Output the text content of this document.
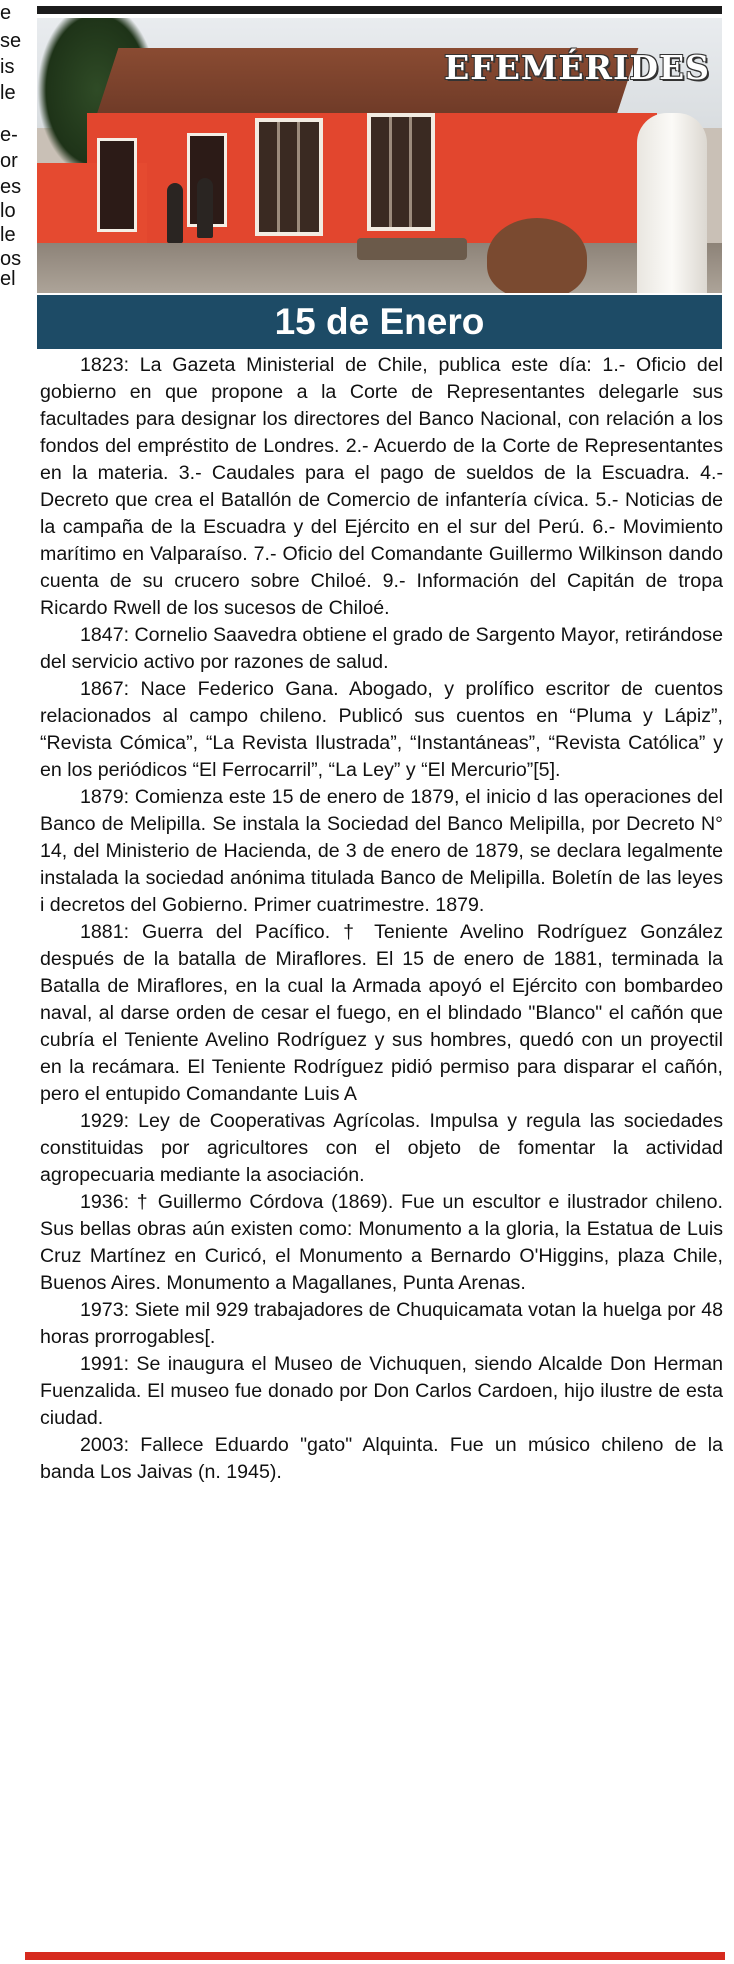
e
se
is
le
e-
or
es
lo
le
os
el
EFEMÉRIDES
15 de Enero

1823: La Gazeta Ministerial de Chile, publica este día: 1.- Oficio del gobierno en que propone a la Corte de Representantes delegarle sus facultades para designar los directores del Banco Nacional, con relación a los fondos del empréstito de Londres. 2.- Acuerdo de la Corte de Representantes en la materia. 3.- Caudales para el pago de sueldos de la Escuadra. 4.- Decreto que crea el Batallón de Comercio de infantería cívica. 5.- Noticias de la campaña de la Escuadra y del Ejército en el sur del Perú. 6.- Movimiento marítimo en Valparaíso. 7.- Oficio del Comandante Guillermo Wilkinson dando cuenta de su crucero sobre Chiloé. 9.- Información del Capitán de tropa Ricardo Rwell de los sucesos de Chiloé.

1847: Cornelio Saavedra obtiene el grado de Sargento Mayor, retirándose del servicio activo por razones de salud.

1867: Nace Federico Gana. Abogado, y prolífico escritor de cuentos relacionados al campo chileno. Publicó sus cuentos en “Pluma y Lápiz”, “Revista Cómica”, “La Revista Ilustrada”, “Instantáneas”, “Revista Católica” y en los periódicos “El Ferrocarril”, “La Ley” y “El Mercurio”[5].

1879: Comienza este 15 de enero de 1879, el inicio d las operaciones del Banco de Melipilla. Se instala la Sociedad del Banco Melipilla, por Decreto N° 14, del Ministerio de Hacienda, de 3 de enero de 1879, se declara legalmente instalada la sociedad anónima titulada Banco de Melipilla. Boletín de las leyes i decretos del Gobierno. Primer cuatrimestre. 1879.

1881: Guerra del Pacífico. † Teniente Avelino Rodríguez González después de la batalla de Miraflores. El 15 de enero de 1881, terminada la Batalla de Miraflores, en la cual la Armada apoyó el Ejército con bombardeo naval, al darse orden de cesar el fuego, en el blindado "Blanco" el cañón que cubría el Teniente Avelino Rodríguez y sus hombres, quedó con un proyectil en la recámara. El Teniente Rodríguez pidió permiso para disparar el cañón, pero el entupido Comandante Luis A

1929: Ley de Cooperativas Agrícolas. Impulsa y regula las sociedades constituidas por agricultores con el objeto de fomentar la actividad agropecuaria mediante la asociación.

1936: † Guillermo Córdova (1869). Fue un escultor e ilustrador chileno. Sus bellas obras aún existen como: Monumento a la gloria, la Estatua de Luis Cruz Martínez en Curicó, el Monumento a Bernardo O'Higgins, plaza Chile, Buenos Aires. Monumento a Magallanes, Punta Arenas.

1973: Siete mil 929 trabajadores de Chuquicamata votan la huelga por 48 horas prorrogables[.

1991: Se inaugura el Museo de Vichuquen, siendo Alcalde Don Herman Fuenzalida. El museo fue donado por Don Carlos Cardoen, hijo ilustre de esta ciudad.

2003: Fallece Eduardo "gato" Alquinta. Fue un músico chileno de la banda Los Jaivas (n. 1945).
